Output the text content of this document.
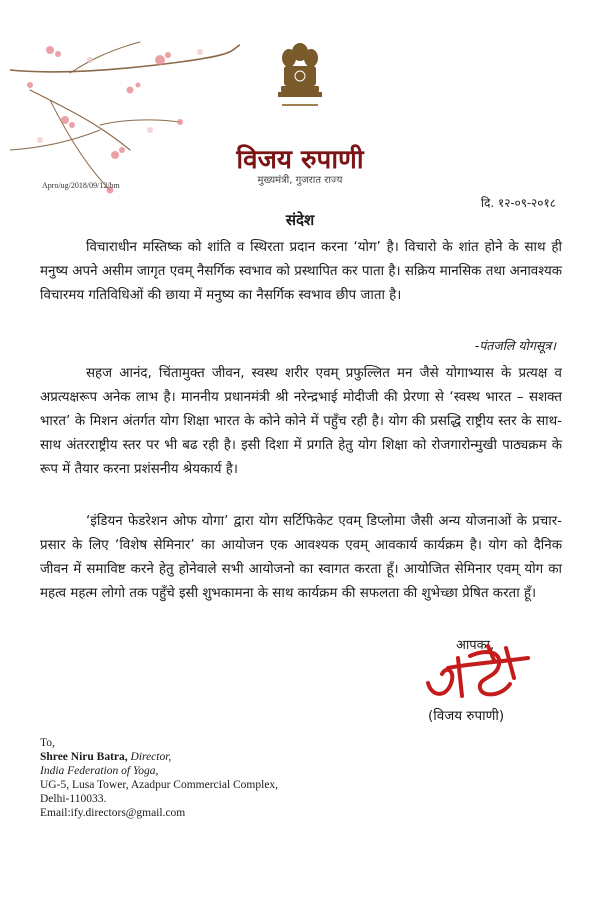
विजय रुपाणी
मुख्यमंत्री, गुजरात राज्य
Apro/ug/2018/09/12/bm
दि. १२-०९-२०१८
संदेश
विचाराधीन मस्तिष्क को शांति व स्थिरता प्रदान करना ‘योग’ है। विचारो के शांत होने के साथ ही मनुष्य अपने असीम जागृत एवम् नैसर्गिक स्वभाव को प्रस्थापित कर पाता है। सक्रिय मानसिक तथा अनावश्यक विचारमय गतिविधिओं की छाया में मनुष्य का नैसर्गिक स्वभाव छीप जाता है।
-पंतजलि योगसूत्र।
सहज आनंद, चिंतामुक्त जीवन, स्वस्थ शरीर एवम् प्रफुल्लित मन जैसे योगाभ्यास के प्रत्यक्ष व अप्रत्यक्षरूप अनेक लाभ है। माननीय प्रधानमंत्री श्री नरेन्द्रभाई मोदीजी की प्रेरणा से ‘स्वस्थ भारत – सशक्त भारत’ के मिशन अंतर्गत योग शिक्षा भारत के कोने कोने में पहुँच रही है। योग की प्रसद्धि राष्ट्रीय स्तर के साथ-साथ अंतरराष्ट्रीय स्तर पर भी बढ रही है। इसी दिशा में प्रगति हेतु योग शिक्षा को रोजगारोन्मुखी पाठ्यक्रम के रूप में तैयार करना प्रशंसनीय श्रेयकार्य है।
‘इंडियन फेडरेशन ओफ योगा’ द्वारा योग सर्टिफिकेट एवम् डिप्लोमा जैसी अन्य योजनाओं के प्रचार-प्रसार के लिए ‘विशेष सेमिनार’ का आयोजन एक आवश्यक एवम् आवकार्य कार्यक्रम है। योग को दैनिक जीवन में समाविष्ट करने हेतु होनेवाले सभी आयोजनो का स्वागत करता हूँ। आयोजित सेमिनार एवम् योग का महत्व महत्म लोगो तक पहुँचे इसी शुभकामना के साथ कार्यक्रम की सफलता की शुभेच्छा प्रेषित करता हूँ।
आपका,
(विजय रुपाणी)
To,
Shree Niru Batra, Director,
India Federation of Yoga,
UG-5, Lusa Tower, Azadpur Commercial Complex,
Delhi-110033.
Email:ify.directors@gmail.com
